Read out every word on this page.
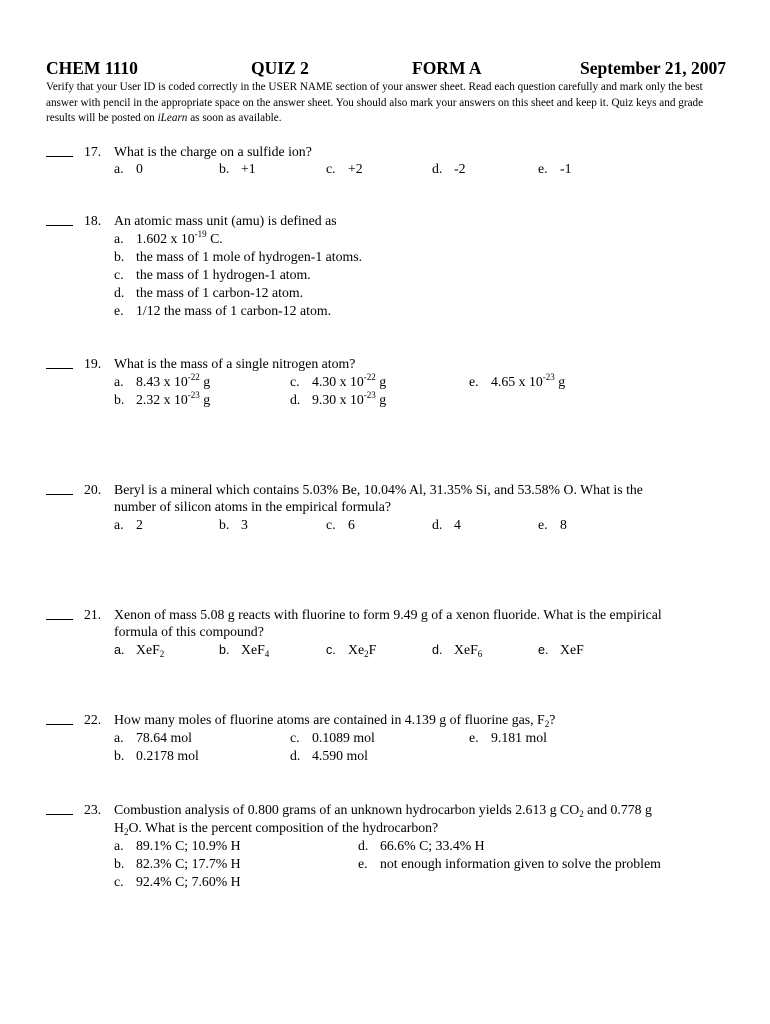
CHEM 1110	QUIZ 2	FORM A	September 21, 2007
Verify that your User ID is coded correctly in the USER NAME section of your answer sheet. Read each question carefully and mark only the best answer with pencil in the appropriate space on the answer sheet. You should also mark your answers on this sheet and keep it. Quiz keys and grade results will be posted on iLearn as soon as available.
17. What is the charge on a sulfide ion?
a. 0	b. +1	c. +2	d. -2	e. -1
18. An atomic mass unit (amu) is defined as
a. 1.602 x $10^{-19}$ C.
b. the mass of 1 mole of hydrogen-1 atoms.
c. the mass of 1 hydrogen-1 atom.
d. the mass of 1 carbon-12 atom.
e. 1/12 the mass of 1 carbon-12 atom.
19. What is the mass of a single nitrogen atom?
a. 8.43 x $10^{-22}$ g
b. 2.32 x $10^{-23}$ g
c. 4.30 x $10^{-22}$ g
d. 9.30 x $10^{-23}$ g
e. 4.65 x $10^{-23}$ g
20. Beryl is a mineral which contains 5.03% Be, 10.04% Al, 31.35% Si, and 53.58% O. What is the
number of silicon atoms in the empirical formula?
a. 2	b. 3	c. 6	d. 4	e. 8
21. Xenon of mass 5.08 g reacts with fluorine to form 9.49 g of a xenon fluoride. What is the empirical
formula of this compound?
a. XeF$_2$	b. XeF$_4$	c. $Xe_2F$	d. XeF$_6$	e. XeF
22. How many moles of fluorine atoms are contained in 4.139 g of fluorine gas, $F_2$?
a. 78.64 mol
b. 0.2178 mol
c. 0.1089 mol
d. 4.590 mol
e. 9.181 mol
23. Combustion analysis of 0.800 grams of an unknown hydrocarbon yields 2.613 g $CO_2$ and 0.778 g
$H_2O$. What is the percent composition of the hydrocarbon?
a. 89.1% C; 10.9% H
b. 82.3% C; 17.7% H
c. 92.4% C; 7.60% H
d. 66.6% C; 33.4% H
e. not enough information given to solve the problem
